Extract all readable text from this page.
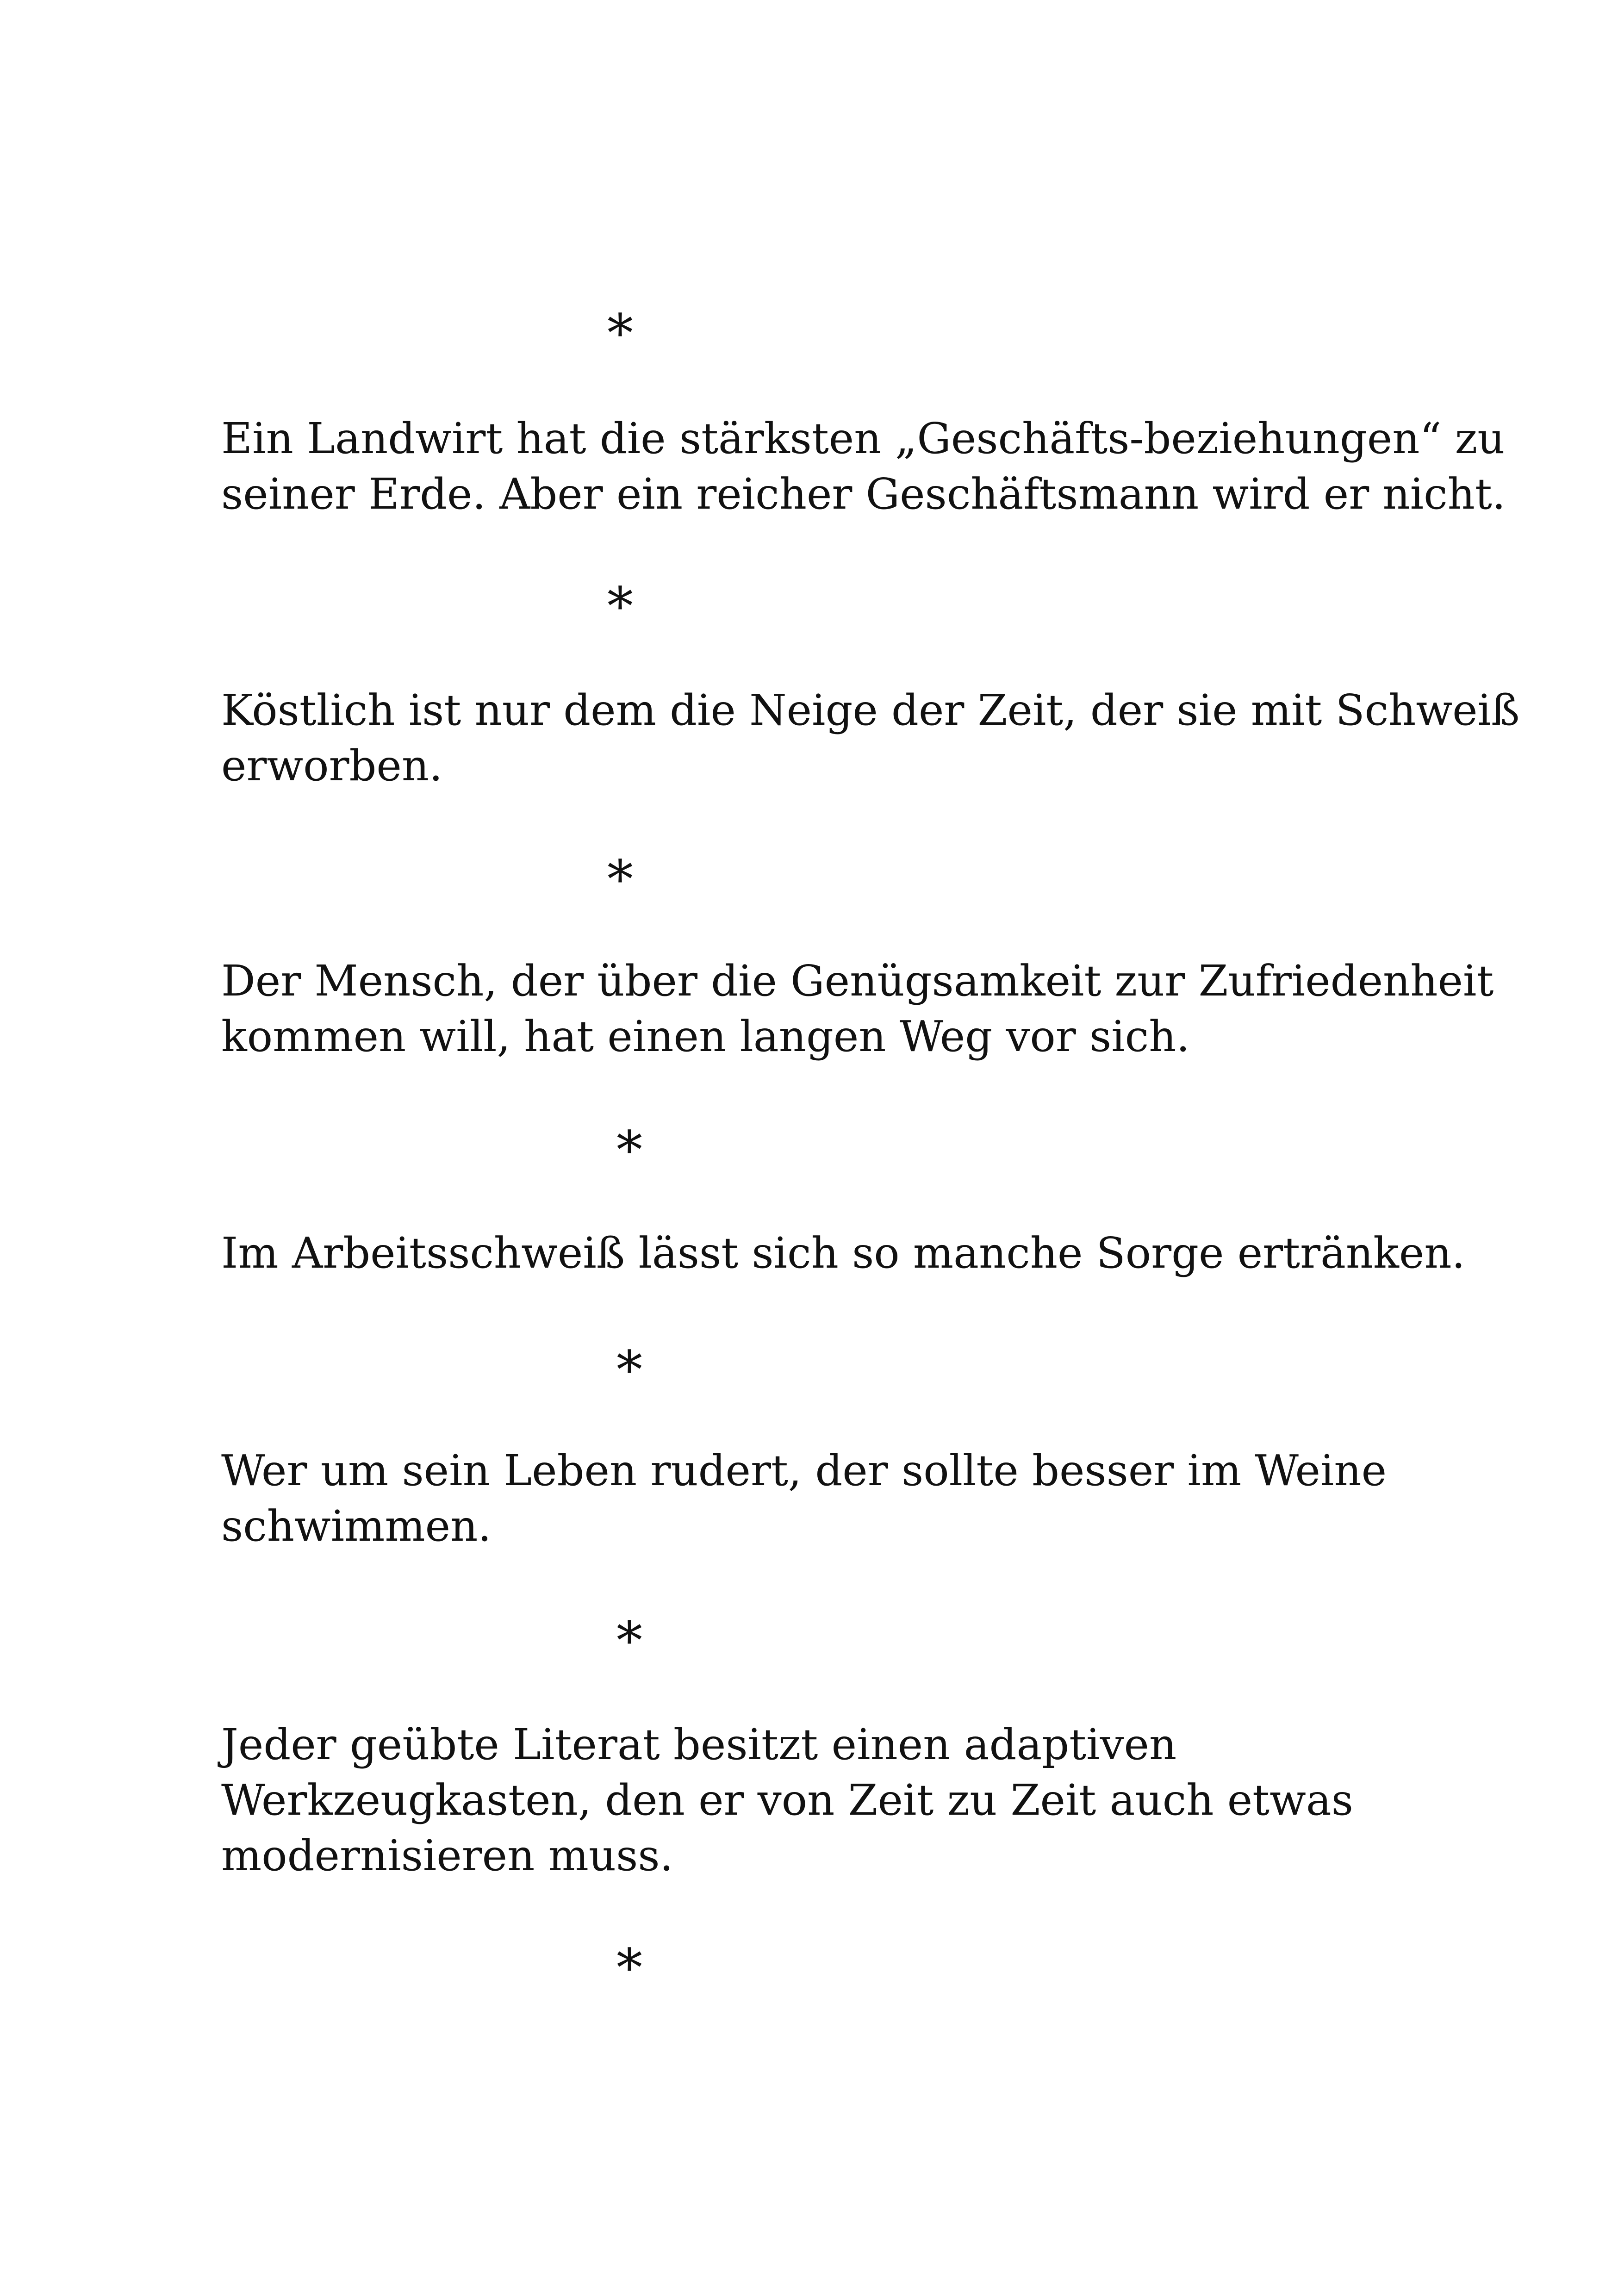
*

Ein Landwirt hat die stärksten „Geschäfts-beziehungen“ zu
seiner Erde. Aber ein reicher Geschäftsmann wird er nicht.

*

Köstlich ist nur dem die Neige der Zeit, der sie mit Schweiß
erworben.

*

Der Mensch, der über die Genügsamkeit zur Zufriedenheit
kommen will, hat einen langen Weg vor sich.

*

Im Arbeitsschweiß lässt sich so manche Sorge ertränken.

*

Wer um sein Leben rudert, der sollte besser im Weine
schwimmen.

*

Jeder geübte Literat besitzt einen adaptiven
Werkzeugkasten, den er von Zeit zu Zeit auch etwas
modernisieren muss.

*
